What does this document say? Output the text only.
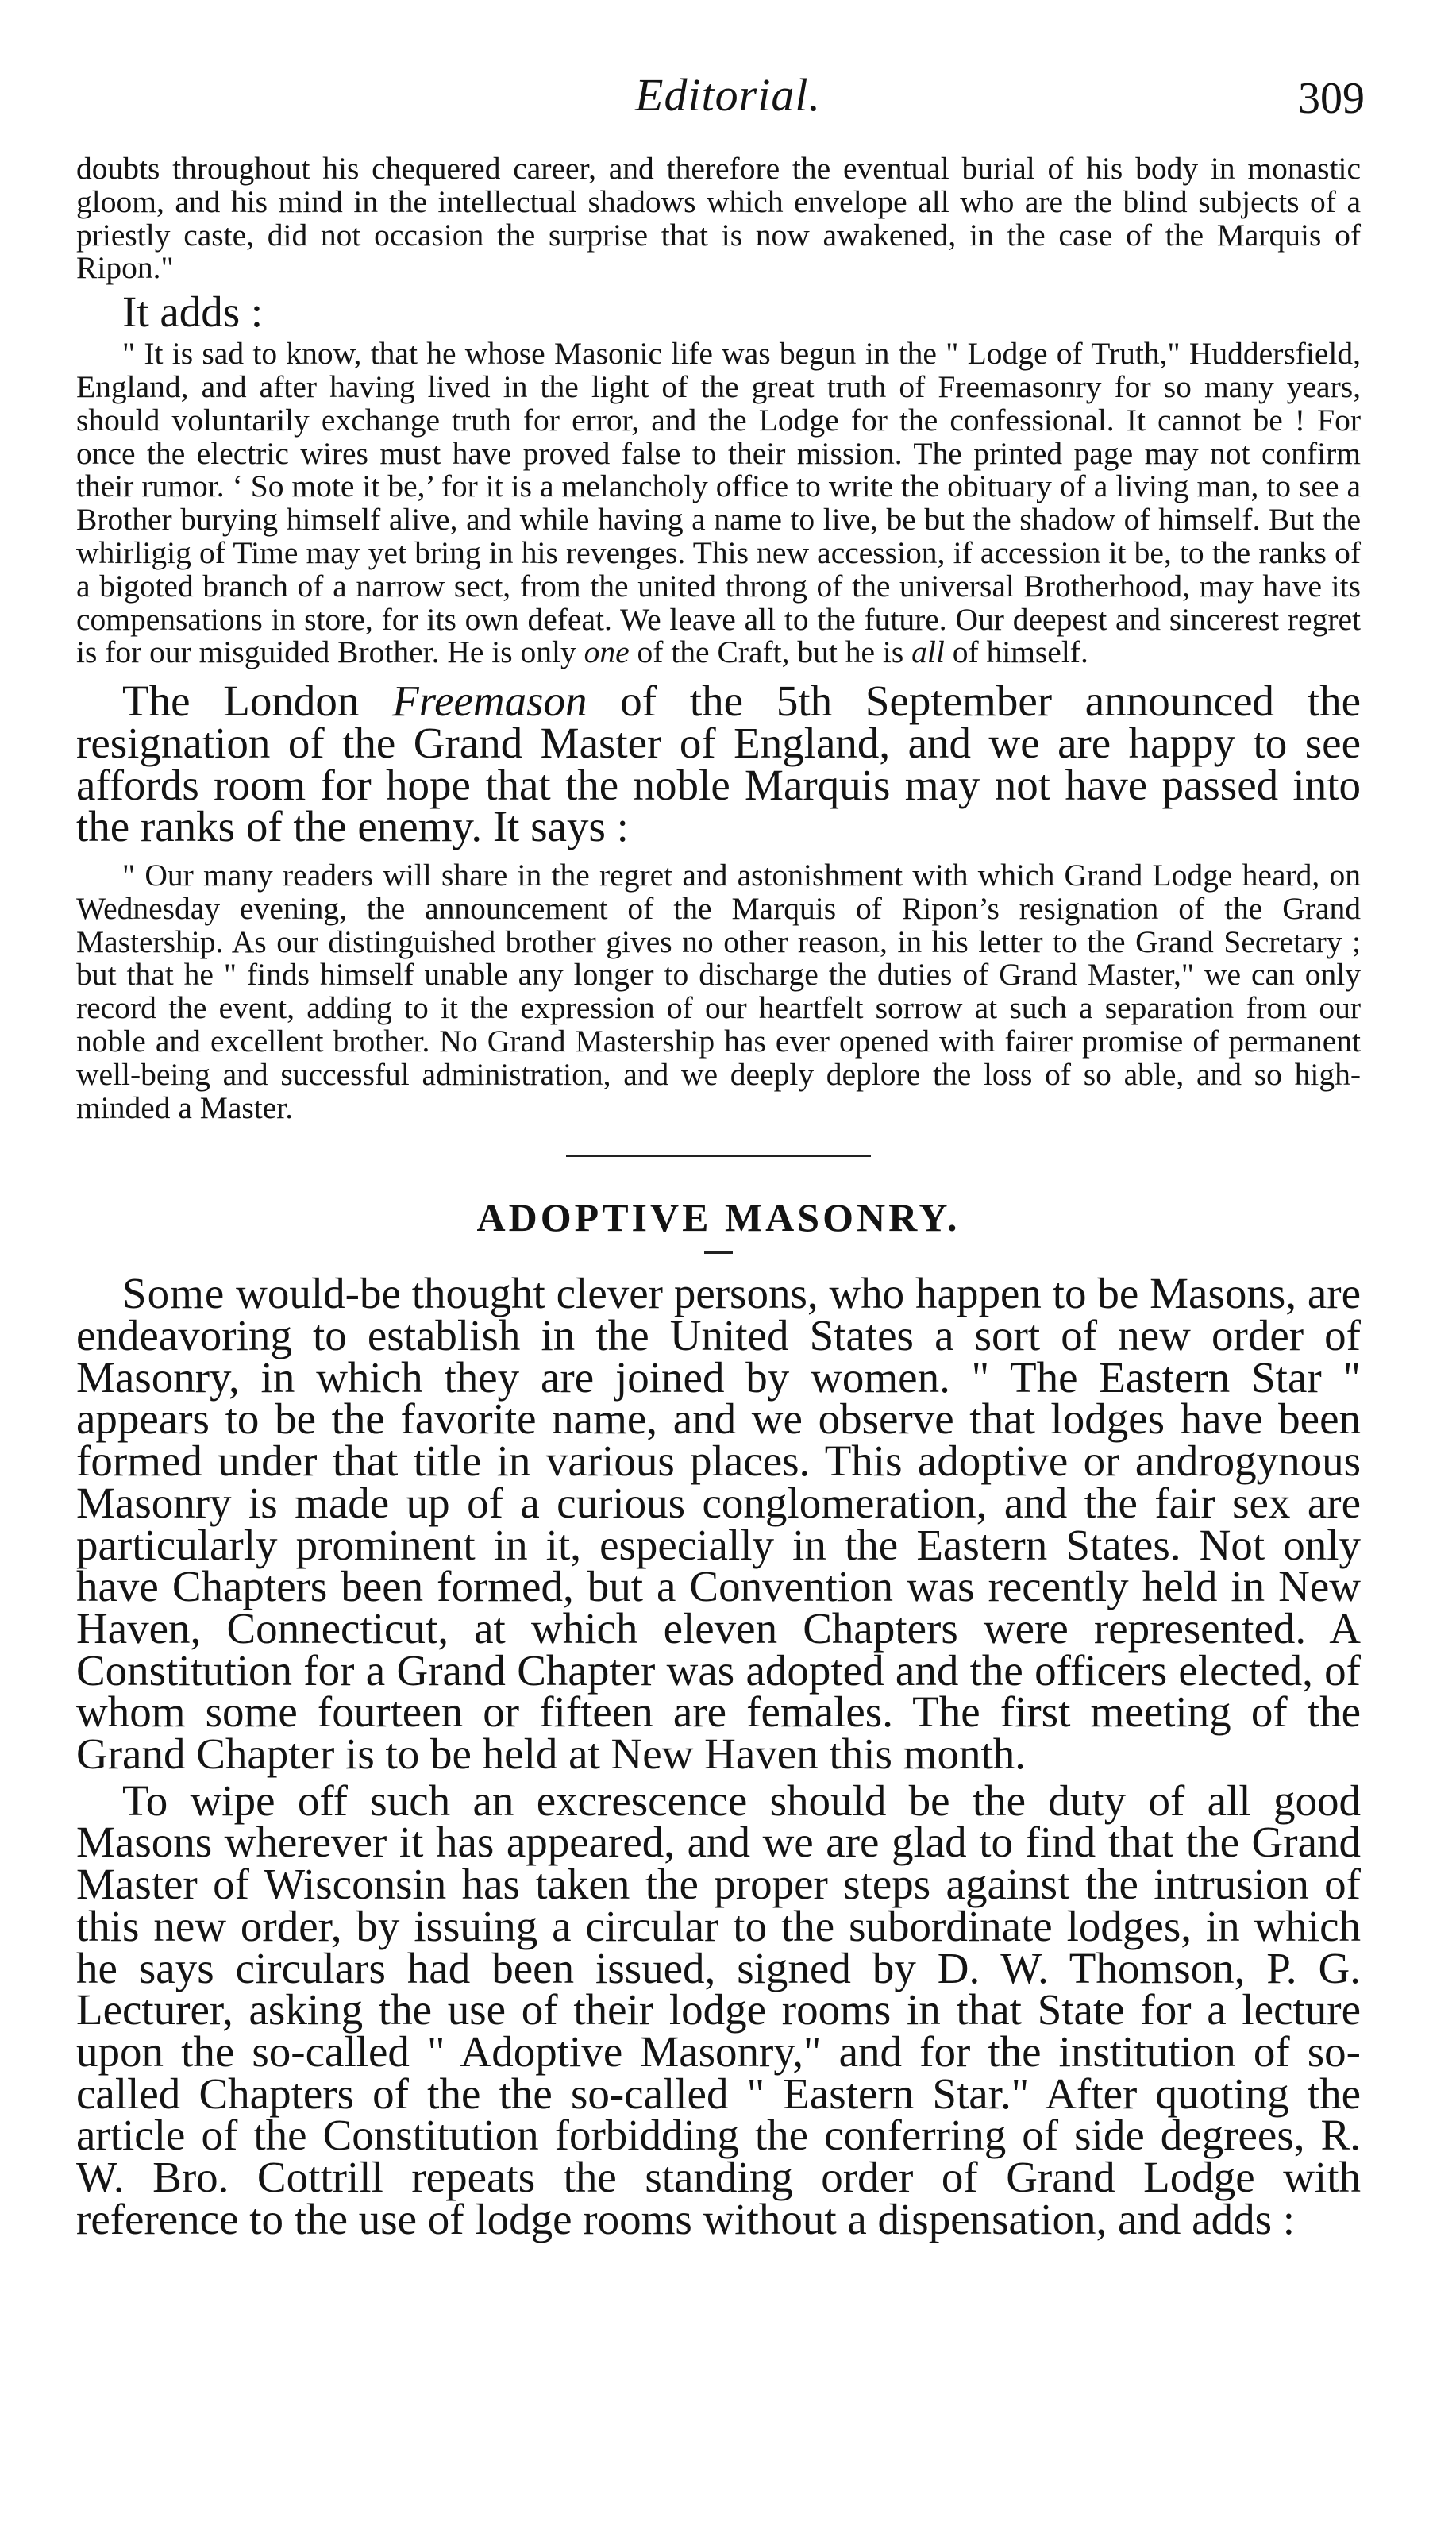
Editorial.	309

doubts throughout his chequered career, and therefore the eventual burial of his body in monastic gloom, and his mind in the intellectual shadows which envelope all who are the blind subjects of a priestly caste, did not occasion the surprise that is now awakened, in the case of the Marquis of Ripon."

It adds :

" It is sad to know, that he whose Masonic life was begun in the " Lodge of Truth," Huddersfield, England, and after having lived in the light of the great truth of Freemasonry for so many years, should voluntarily exchange truth for error, and the Lodge for the confessional. It cannot be ! For once the electric wires must have proved false to their mission. The printed page may not confirm their rumor. ‘ So mote it be,’ for it is a melancholy office to write the obituary of a living man, to see a Brother burying himself alive, and while having a name to live, be but the shadow of himself. But the whirligig of Time may yet bring in his revenges. This new accession, if accession it be, to the ranks of a bigoted branch of a narrow sect, from the united throng of the universal Brotherhood, may have its compensations in store, for its own defeat. We leave all to the future. Our deepest and sincerest regret is for our misguided Brother. He is only one of the Craft, but he is all of himself.

The London Freemason of the 5th September announced the resignation of the Grand Master of England, and we are happy to see affords room for hope that the noble Marquis may not have passed into the ranks of the enemy. It says :

" Our many readers will share in the regret and astonishment with which Grand Lodge heard, on Wednesday evening, the announcement of the Marquis of Ripon’s resignation of the Grand Mastership. As our distinguished brother gives no other reason, in his letter to the Grand Secretary ; but that he " finds himself unable any longer to discharge the duties of Grand Master," we can only record the event, adding to it the expression of our heartfelt sorrow at such a separation from our noble and excellent brother. No Grand Mastership has ever opened with fairer promise of permanent well-being and successful administration, and we deeply deplore the loss of so able, and so high-minded a Master.

ADOPTIVE MASONRY.

Some would-be thought clever persons, who happen to be Masons, are endeavoring to establish in the United States a sort of new order of Masonry, in which they are joined by women. " The Eastern Star " appears to be the favorite name, and we observe that lodges have been formed under that title in various places. This adoptive or androgynous Masonry is made up of a curious conglomeration, and the fair sex are particularly prominent in it, especially in the Eastern States. Not only have Chapters been formed, but a Convention was recently held in New Haven, Connecticut, at which eleven Chapters were represented. A Constitution for a Grand Chapter was adopted and the officers elected, of whom some fourteen or fifteen are females. The first meeting of the Grand Chapter is to be held at New Haven this month.

To wipe off such an excrescence should be the duty of all good Masons wherever it has appeared, and we are glad to find that the Grand Master of Wisconsin has taken the proper steps against the intrusion of this new order, by issuing a circular to the subordinate lodges, in which he says circulars had been issued, signed by D. W. Thomson, P. G. Lecturer, asking the use of their lodge rooms in that State for a lecture upon the so-called " Adoptive Masonry," and for the institution of so-called Chapters of the the so-called " Eastern Star." After quoting the article of the Constitution forbidding the conferring of side degrees, R. W. Bro. Cottrill repeats the standing order of Grand Lodge with reference to the use of lodge rooms without a dispensation, and adds :
